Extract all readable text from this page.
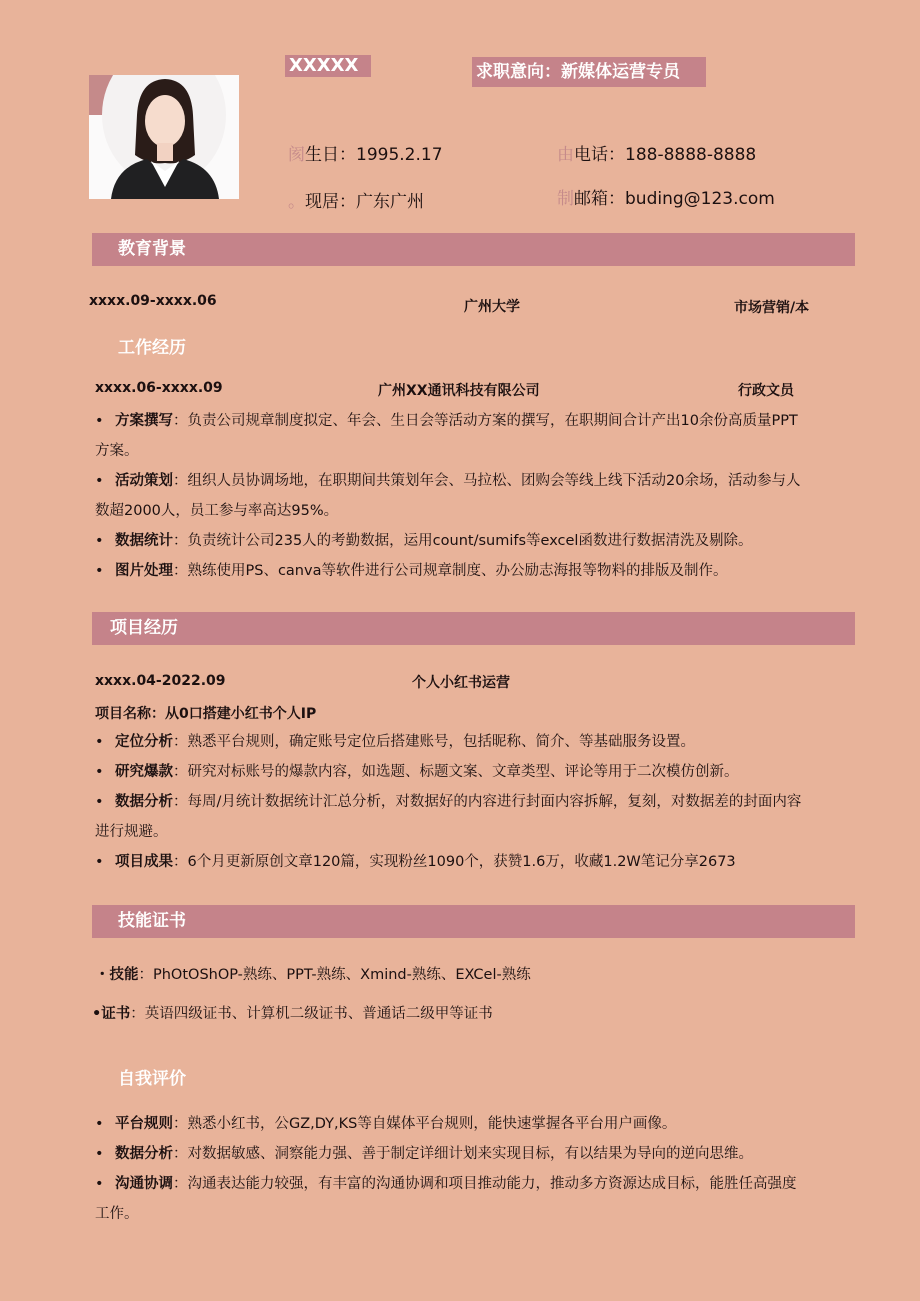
XXXXX	求职意向：新媒体运营专员
阂生日：1995.2.17	由电话：188-8888-8888
。现居：广东广州	制邮箱：buding@123.com
教育背景
xxxx.09-xxxx.06	广州大学	市场营销/本
工作经历
xxxx.06-xxxx.09	广州XX通讯科技有限公司	行政文员
• 方案撰写：负责公司规章制度拟定、年会、生日会等活动方案的撰写，在职期间合计产出10余份高质量PPT
方案。
• 活动策划：组织人员协调场地，在职期间共策划年会、马拉松、团购会等线上线下活动20余场，活动参与人
数超2000人，员工参与率高达95%。
• 数据统计：负责统计公司235人的考勤数据，运用count/sumifs等excel函数进行数据清洗及剔除。
• 图片处理：熟练使用PS、canva等软件进行公司规章制度、办公励志海报等物料的排版及制作。
项目经历
xxxx.04-2022.09	个人小红书运营
项目名称：从0口搭建小红书个人IP
• 定位分析：熟悉平台规则，确定账号定位后搭建账号，包括昵称、简介、等基础服务设置。
• 研究爆款：研究对标账号的爆款内容，如选题、标题文案、文章类型、评论等用于二次模仿创新。
• 数据分析：每周/月统计数据统计汇总分析，对数据好的内容进行封面内容拆解，复刻，对数据差的封面内容
进行规避。
• 项目成果：6个月更新原创文章120篇，实现粉丝1090个，获赞1.6万，收藏1.2W笔记分享2673
技能证书
・技能：PhOtOShOP-熟练、PPT-熟练、Xmind-熟练、EXCel-熟练
•证书：英语四级证书、计算机二级证书、普通话二级甲等证书
自我评价
• 平台规则：熟悉小红书，公GZ,DY,KS等自媒体平台规则，能快速掌握各平台用户画像。
• 数据分析：对数据敏感、洞察能力强、善于制定详细计划来实现目标，有以结果为导向的逆向思维。
• 沟通协调：沟通表达能力较强，有丰富的沟通协调和项目推动能力，推动多方资源达成目标，能胜任高强度
工作。
